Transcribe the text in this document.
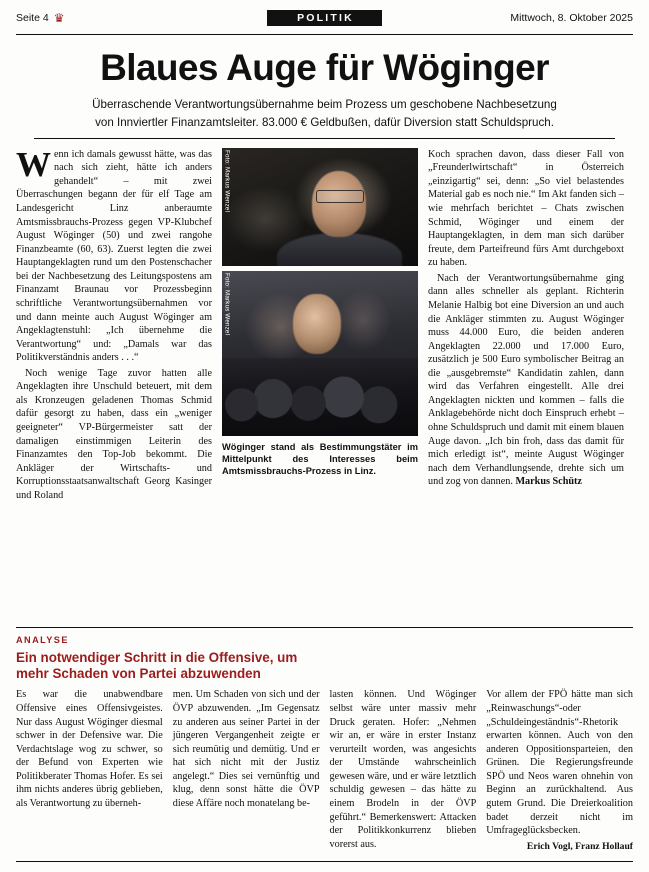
Seite 4 ♛	POLITIK	Mittwoch, 8. Oktober 2025
Blaues Auge für Wöginger
Überraschende Verantwortungsübernahme beim Prozess um geschobene Nachbesetzung
von Innviertler Finanzamtsleiter. 83.000 € Geldbußen, dafür Diversion statt Schuldspruch.

Wenn ich damals gewusst hätte, was das nach sich zieht, hätte ich anders gehandelt“ – mit zwei Überraschungen begann der für elf Tage am Landesgericht Linz anberaumte Amtsmissbrauchs-Prozess gegen VP-Klubchef August Wöginger (50) und zwei rangohe Finanzbeamte (60, 63). Zuerst legten die zwei Hauptangeklagten rund um den Postenschacher bei der Nachbesetzung des Leitungspostens am Finanzamt Braunau vor Prozessbeginn schriftliche Verantwortungsübernahmen vor und dann meinte auch August Wöginger am Angeklagtenstuhl: „Ich übernehme die Verantwortung“ und: „Damals war das Politikverständnis anders . . .“

Noch wenige Tage zuvor hatten alle Angeklagten ihre Unschuld beteuert, mit dem als Kronzeugen geladenen Thomas Schmid dafür gesorgt zu haben, dass ein „weniger geeigneter“ VP-Bürgermeister satt der damaligen einstimmigen Leiterin des Finanzamtes den Top-Job bekommt. Die Ankläger der Wirtschafts- und Korruptionsstaatsanwaltschaft Georg Kasinger und Roland

Foto: Markus Wenzel
Foto: Markus Wenzel
Wöginger stand als Bestimmungstäter im Mittelpunkt des Interesses beim Amtsmissbrauchs-Prozess in Linz.

Koch sprachen davon, dass dieser Fall von „Freunderlwirtschaft“ in Österreich „einzigartig“ sei, denn: „So viel belastendes Material gab es noch nie.“ Im Akt fanden sich – wie mehrfach berichtet – Chats zwischen Schmid, Wöginger und einem der Hauptangeklagten, in dem man sich darüber freute, dem Parteifreund fürs Amt durchgeboxt zu haben.

Nach der Verantwortungsübernahme ging dann alles schneller als geplant. Richterin Melanie Halbig bot eine Diversion an und auch die Ankläger stimmten zu. August Wöginger muss 44.000 Euro, die beiden anderen Angeklagten 22.000 und 17.000 Euro, zusätzlich je 500 Euro symbolischer Beitrag an die „ausgebremste“ Kandidatin zahlen, dann wird das Verfahren eingestellt. Alle drei Angeklagten nickten und kommen – falls die Anklagebehörde nicht doch Einspruch erhebt – ohne Schuldspruch und damit mit einem blauen Auge davon. „Ich bin froh, dass das damit für mich erledigt ist“, meinte August Wöginger nach dem Verhandlungsende, drehte sich um und zog von dannen. Markus Schütz

ANALYSE
Ein notwendiger Schritt in die Offensive, um mehr Schaden von Partei abzuwenden

Es war die unabwendbare Offensive eines Offensivgeistes. Nur dass August Wöginger diesmal schwer in der Defensive war. Die Verdachtslage wog zu schwer, so der Befund von Experten wie Politikberater Thomas Hofer. Es sei ihm nichts anderes übrig geblieben, als Verantwortung zu überneh-

men. Um Schaden von sich und der ÖVP abzuwenden. „Im Gegensatz zu anderen aus seiner Partei in der jüngeren Vergangenheit zeigte er sich reumütig und demütig. Und er hat sich nicht mit der Justiz angelegt.“ Dies sei vernünftig und klug, denn sonst hätte die ÖVP diese Affäre noch monatelang be-

lasten können. Und Wöginger selbst wäre unter massiv mehr Druck geraten. Hofer: „Nehmen wir an, er wäre in erster Instanz verurteilt worden, was angesichts der Umstände wahrscheinlich gewesen wäre, und er wäre letztlich schuldig gewesen – das hätte zu einem Brodeln in der ÖVP geführt.“ Bemerkenswert: Attacken der Politikkonkurrenz blieben vorerst aus.

Vor allem der FPÖ hätte man sich „Reinwaschungs“-oder „Schuldeingeständnis“-Rhetorik erwarten können. Auch von den anderen Oppositionsparteien, den Grünen. Die Regierungsfreunde SPÖ und Neos waren ohnehin von Beginn an zurückhaltend. Aus gutem Grund. Die Dreierkoalition badet derzeit nicht im Umfrageglücksbecken.

Erich Vogl, Franz Hollauf
